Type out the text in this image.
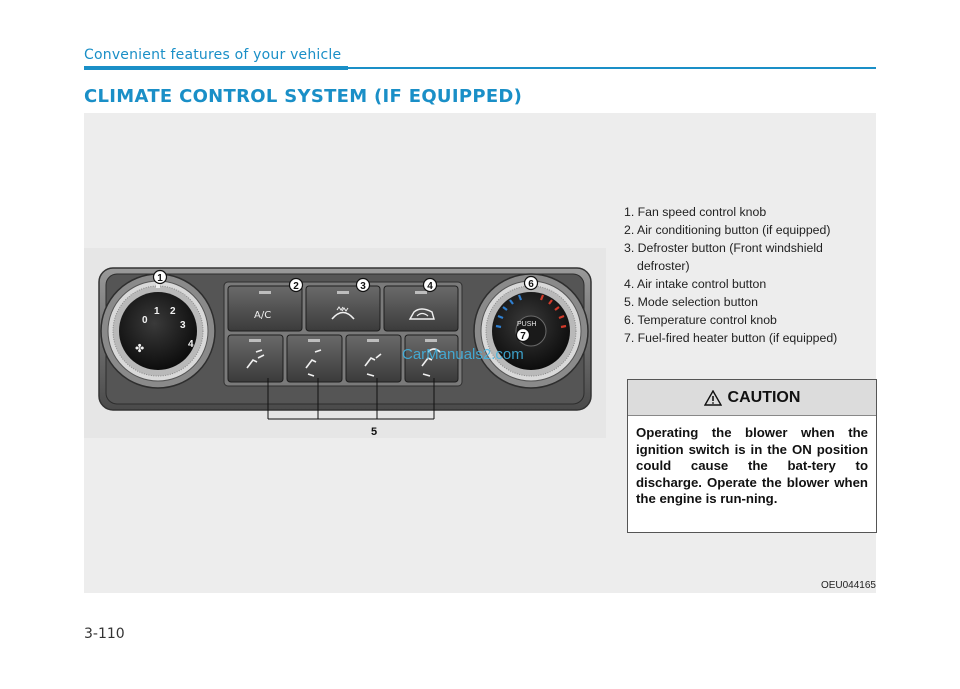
Convenient features of your vehicle
CLIMATE CONTROL SYSTEM (IF EQUIPPED)
✤
0
1 2
3
4
A/C
PUSH
1
2	3	4	6
7
5
CarManuals2.com
1. Fan speed control knob
2. Air conditioning button (if equipped)
3. Defroster button (Front windshield defroster)
4. Air intake control button
5. Mode selection button
6. Temperature control knob
7. Fuel-fired heater button (if equipped)
CAUTION
Operating the blower when the ignition switch is in the ON position could cause the bat-tery to discharge. Operate the blower when the engine is run-ning.
OEU044165
3-110
